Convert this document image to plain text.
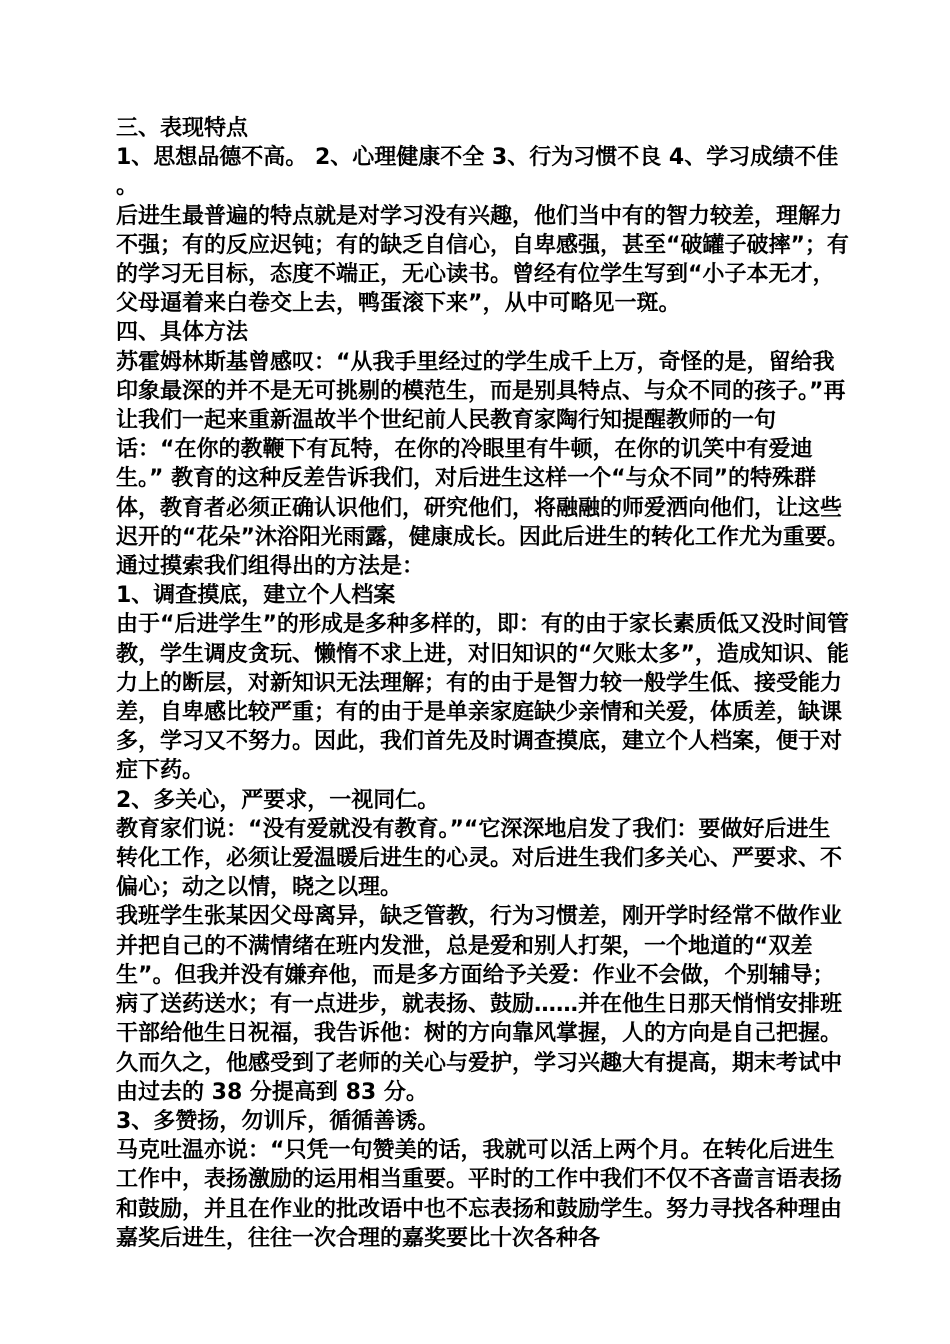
三、表现特点

1、思想品德不高。 2、心理健康不全 3、行为习惯不良 4、学习成绩不佳 。

后进生最普遍的特点就是对学习没有兴趣，他们当中有的智力较差，理解力不强；有的反应迟钝；有的缺乏自信心，自卑感强，甚至“破罐子破摔”；有的学习无目标，态度不端正，无心读书。曾经有位学生写到“小子本无才，父母逼着来白卷交上去，鸭蛋滚下来”，从中可略见一斑。

四、具体方法

苏霍姆林斯基曾感叹：“从我手里经过的学生成千上万，奇怪的是，留给我印象最深的并不是无可挑剔的模范生，而是别具特点、与众不同的孩子。”再让我们一起来重新温故半个世纪前人民教育家陶行知提醒教师的一句话：“在你的教鞭下有瓦特，在你的冷眼里有牛顿，在你的讥笑中有爱迪生。” 教育的这种反差告诉我们，对后进生这样一个“与众不同”的特殊群体，教育者必须正确认识他们，研究他们，将融融的师爱洒向他们，让这些迟开的“花朵”沐浴阳光雨露，健康成长。因此后进生的转化工作尤为重要。通过摸索我们组得出的方法是：

1、调查摸底，建立个人档案

由于“后进学生”的形成是多种多样的，即：有的由于家长素质低又没时间管教，学生调皮贪玩、懒惰不求上进，对旧知识的“欠账太多”，造成知识、能力上的断层，对新知识无法理解；有的由于是智力较一般学生低、接受能力差，自卑感比较严重；有的由于是单亲家庭缺少亲情和关爱，体质差，缺课多，学习又不努力。因此，我们首先及时调查摸底，建立个人档案，便于对症下药。

2、多关心，严要求，一视同仁。

教育家们说：“没有爱就没有教育。”“它深深地启发了我们：要做好后进生转化工作，必须让爱温暖后进生的心灵。对后进生我们多关心、严要求、不偏心；动之以情，晓之以理。

我班学生张某因父母离异，缺乏管教，行为习惯差，刚开学时经常不做作业并把自己的不满情绪在班内发泄，总是爱和别人打架，一个地道的“双差生”。但我并没有嫌弃他，而是多方面给予关爱：作业不会做，个别辅导；病了送药送水；有一点进步，就表扬、鼓励……并在他生日那天悄悄安排班干部给他生日祝福，我告诉他：树的方向靠风掌握，人的方向是自己把握。久而久之，他感受到了老师的关心与爱护，学习兴趣大有提高，期末考试中由过去的 38 分提高到 83 分。

3、多赞扬，勿训斥，循循善诱。

马克吐温亦说：“只凭一句赞美的话，我就可以活上两个月。在转化后进生工作中，表扬激励的运用相当重要。平时的工作中我们不仅不吝啬言语表扬和鼓励，并且在作业的批改语中也不忘表扬和鼓励学生。努力寻找各种理由嘉奖后进生，往往一次合理的嘉奖要比十次各种各
